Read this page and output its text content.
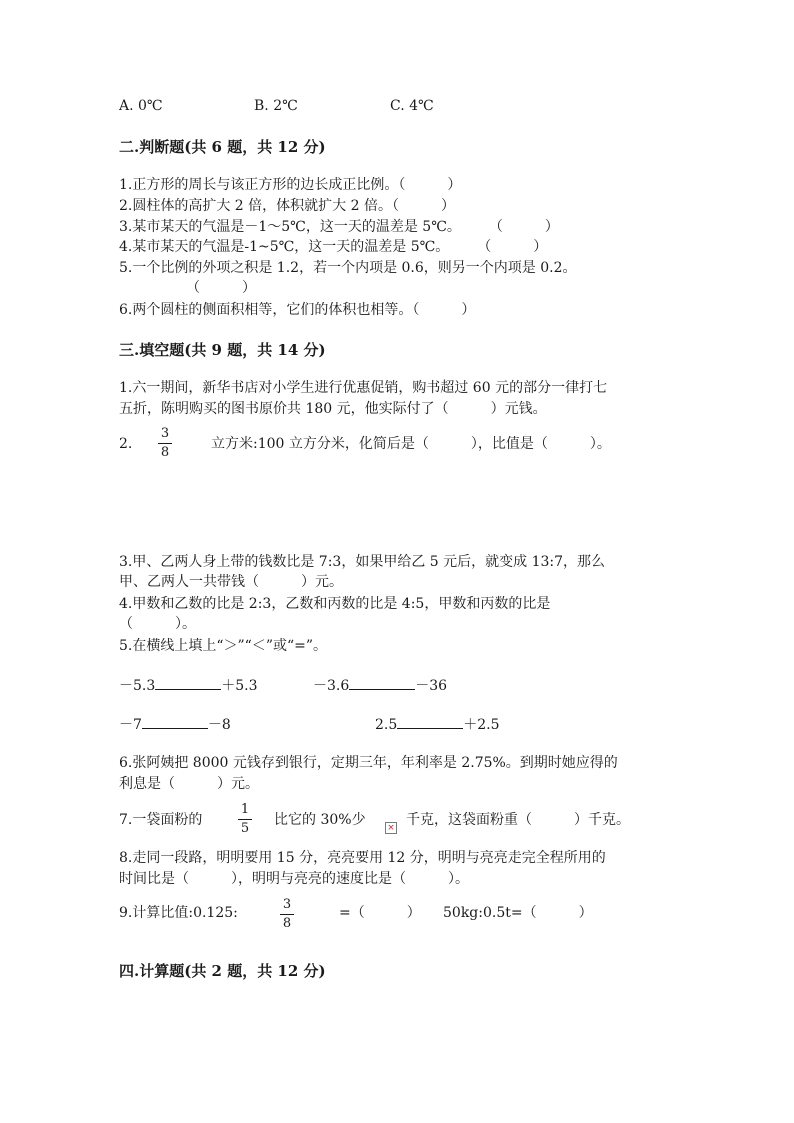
A. 0℃	B. 2℃	C. 4℃
二.判断题(共 6 题，共 12 分)
1.正方形的周长与该正方形的边长成正比例。（　　　）
2.圆柱体的高扩大 2 倍，体积就扩大 2 倍。（　　　）
3.某市某天的气温是－1～5℃，这一天的温差是 5℃。　　　（　　　）
4.某市某天的气温是-1~5℃，这一天的温差是 5℃。　　　（　　　）
5.一个比例的外项之积是 1.2，若一个内项是 0.6，则另一个内项是 0.2。
（　　　）
6.两个圆柱的侧面积相等，它们的体积也相等。（　　　）
三.填空题(共 9 题，共 14 分)
1.六一期间，新华书店对小学生进行优惠促销，购书超过 60 元的部分一律打七
五折，陈明购买的图书原价共 180 元，他实际付了（　　　）元钱。
2.
3
8
立方米:100 立方分米，化简后是（　　　），比值是（　　　）。
3.甲、乙两人身上带的钱数比是 7:3，如果甲给乙 5 元后，就变成 13:7，那么
甲、乙两人一共带钱（　　　）元。
4.甲数和乙数的比是 2:3，乙数和丙数的比是 4:5，甲数和丙数的比是
（　　　）。
5.在横线上填上“＞”“＜”或“=”。
－5.3	＋5.3	－3.6	－36
－7	－8	2.5	＋2.5
6.张阿姨把 8000 元钱存到银行，定期三年，年利率是 2.75%。到期时她应得的
利息是（　　　）元。
7.一袋面粉的
1
5
比它的 30%少 × 千克，这袋面粉重（　　　）千克。
8.走同一段路，明明要用 15 分，亮亮要用 12 分，明明与亮亮走完全程所用的
时间比是（　　　），明明与亮亮的速度比是（　　　）。
9.计算比值:0.125:
3
8
=（　　　） 50kg:0.5t=（　　　）
四.计算题(共 2 题，共 12 分)
